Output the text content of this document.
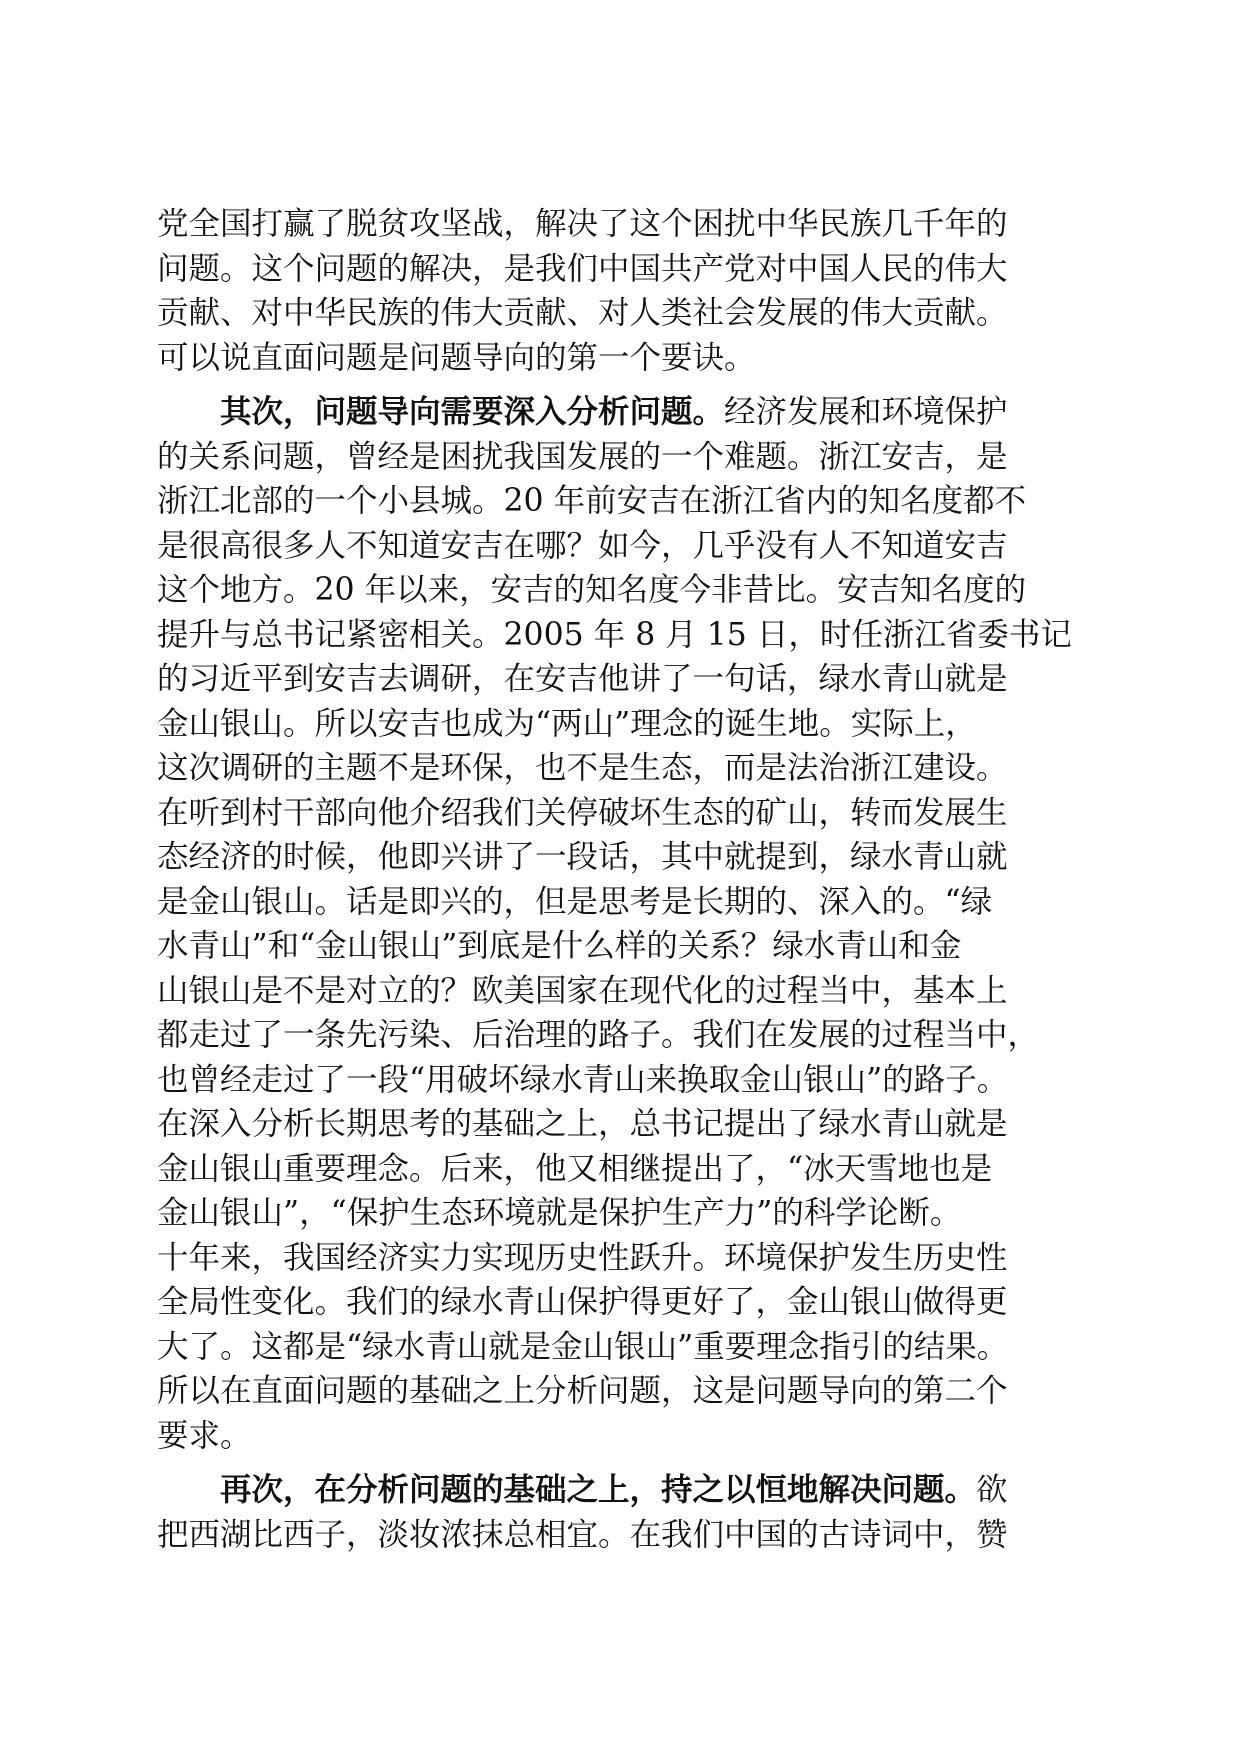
党全国打赢了脱贫攻坚战，解决了这个困扰中华民族几千年的
问题。这个问题的解决，是我们中国共产党对中国人民的伟大
贡献、对中华民族的伟大贡献、对人类社会发展的伟大贡献。
可以说直面问题是问题导向的第一个要诀。

其次，问题导向需要深入分析问题。经济发展和环境保护
的关系问题，曾经是困扰我国发展的一个难题。浙江安吉，是
浙江北部的一个小县城。20 年前安吉在浙江省内的知名度都不
是很高很多人不知道安吉在哪？如今，几乎没有人不知道安吉
这个地方。20 年以来，安吉的知名度今非昔比。安吉知名度的
提升与总书记紧密相关。2005 年 8 月 15 日，时任浙江省委书记
的习近平到安吉去调研，在安吉他讲了一句话，绿水青山就是
金山银山。所以安吉也成为“两山”理念的诞生地。实际上，
这次调研的主题不是环保，也不是生态，而是法治浙江建设。
在听到村干部向他介绍我们关停破坏生态的矿山，转而发展生
态经济的时候，他即兴讲了一段话，其中就提到，绿水青山就
是金山银山。话是即兴的，但是思考是长期的、深入的。“绿
水青山”和“金山银山”到底是什么样的关系？绿水青山和金
山银山是不是对立的？欧美国家在现代化的过程当中，基本上
都走过了一条先污染、后治理的路子。我们在发展的过程当中，
也曾经走过了一段“用破坏绿水青山来换取金山银山”的路子。
在深入分析长期思考的基础之上，总书记提出了绿水青山就是
金山银山重要理念。后来，他又相继提出了，“冰天雪地也是
金山银山”，“保护生态环境就是保护生产力”的科学论断。
十年来，我国经济实力实现历史性跃升。环境保护发生历史性
全局性变化。我们的绿水青山保护得更好了，金山银山做得更
大了。这都是“绿水青山就是金山银山”重要理念指引的结果。
所以在直面问题的基础之上分析问题，这是问题导向的第二个
要求。

再次，在分析问题的基础之上，持之以恒地解决问题。欲
把西湖比西子，淡妆浓抹总相宜。在我们中国的古诗词中，赞
